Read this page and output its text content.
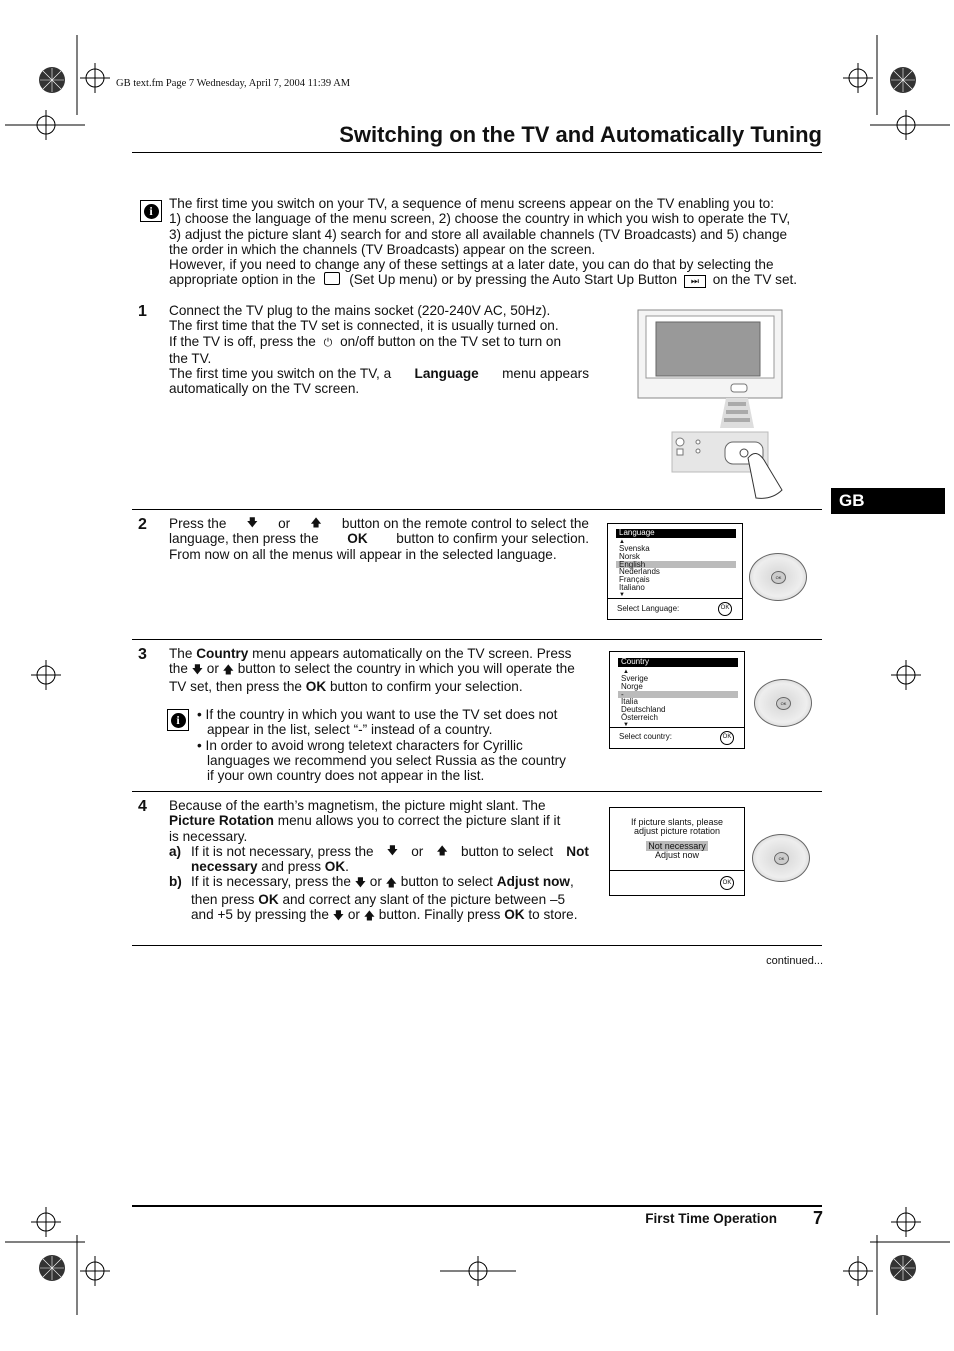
GB text.fm Page 7 Wednesday, April 7, 2004 11:39 AM
Switching on the TV and Automatically Tuning
GB
i	The first time you switch on your TV, a sequence of menu screens appear on the TV enabling you to:
1) choose the language of the menu screen, 2) choose the country in which you wish to operate the TV,
3) adjust the picture slant 4) search for and store all available channels (TV Broadcasts) and 5) change
the order in which the channels (TV Broadcasts) appear on the screen.
However, if you need to change any of these settings at a later date, you can do that by selecting the
appropriate option in the (Set Up menu) or by pressing the Auto Start Up Button ⏭ on the TV set.
1 Connect the TV plug to the mains socket (220-240V AC, 50Hz).
The first time that the TV set is connected, it is usually turned on.
If the TV is off, press the ⏻ on/off button on the TV set to turn on
the TV.
The first time you switch on the TV, a Language menu appears
automatically on the TV screen.
2 Press the 🡇 or 🡅 button on the remote control to select the
language, then press the OK button to confirm your selection.
From now on all the menus will appear in the selected language.
Language
▲
Svenska
Norsk
English
Nederlands
Français
Italiano
▼
Select Language:	OK
OK
3 The Country menu appears automatically on the TV screen. Press
the 🡇 or 🡅 button to select the country in which you will operate the
TV set, then press the OK button to confirm your selection.
i	• If the country in which you want to use the TV set does not
appear in the list, select “-” instead of a country.
• In order to avoid wrong teletext characters for Cyrillic
languages we recommend you select Russia as the country
if your own country does not appear in the list.
Country
▲
Sverige
Norge
-
Italia
Deutschland
Österreich
▼
Select country:	OK
OK
4 Because of the earth’s magnetism, the picture might slant. The
Picture Rotation menu allows you to correct the picture slant if it
is necessary.
a) If it is not necessary, press the 🡇 or 🡅 button to select Not
necessary and press OK.
b) If it is necessary, press the 🡇 or 🡅 button to select Adjust now,
then press OK and correct any slant of the picture between –5
and +5 by pressing the 🡇 or 🡅 button. Finally press OK to store.
If picture slants, please
adjust picture rotation
Not necessary
Adjust now
OK
OK
continued...
First Time Operation	7
